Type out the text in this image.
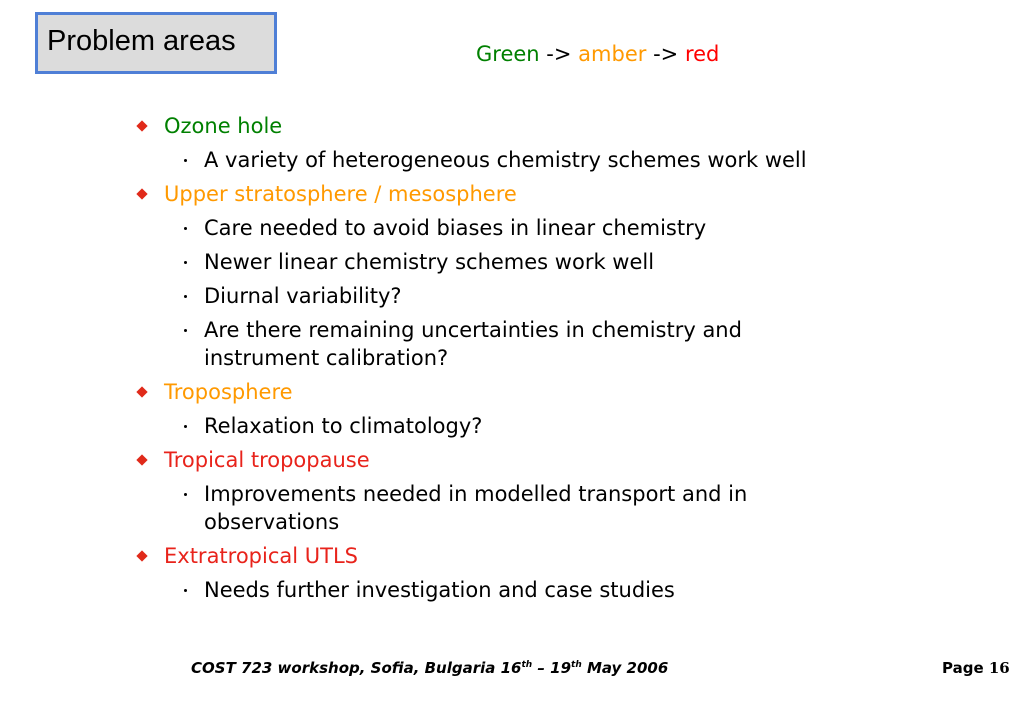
Problem areas	Green -> amber -> red
Ozone hole
A variety of heterogeneous chemistry schemes work well
Upper stratosphere / mesosphere
Care needed to avoid biases in linear chemistry
Newer linear chemistry schemes work well
Diurnal variability?
Are there remaining uncertainties in chemistry and instrument calibration?
Troposphere
Relaxation to climatology?
Tropical tropopause
Improvements needed in modelled transport and in observations
Extratropical UTLS
Needs further investigation and case studies
COST 723 workshop, Sofia, Bulgaria 16th – 19th May 2006	Page 16
